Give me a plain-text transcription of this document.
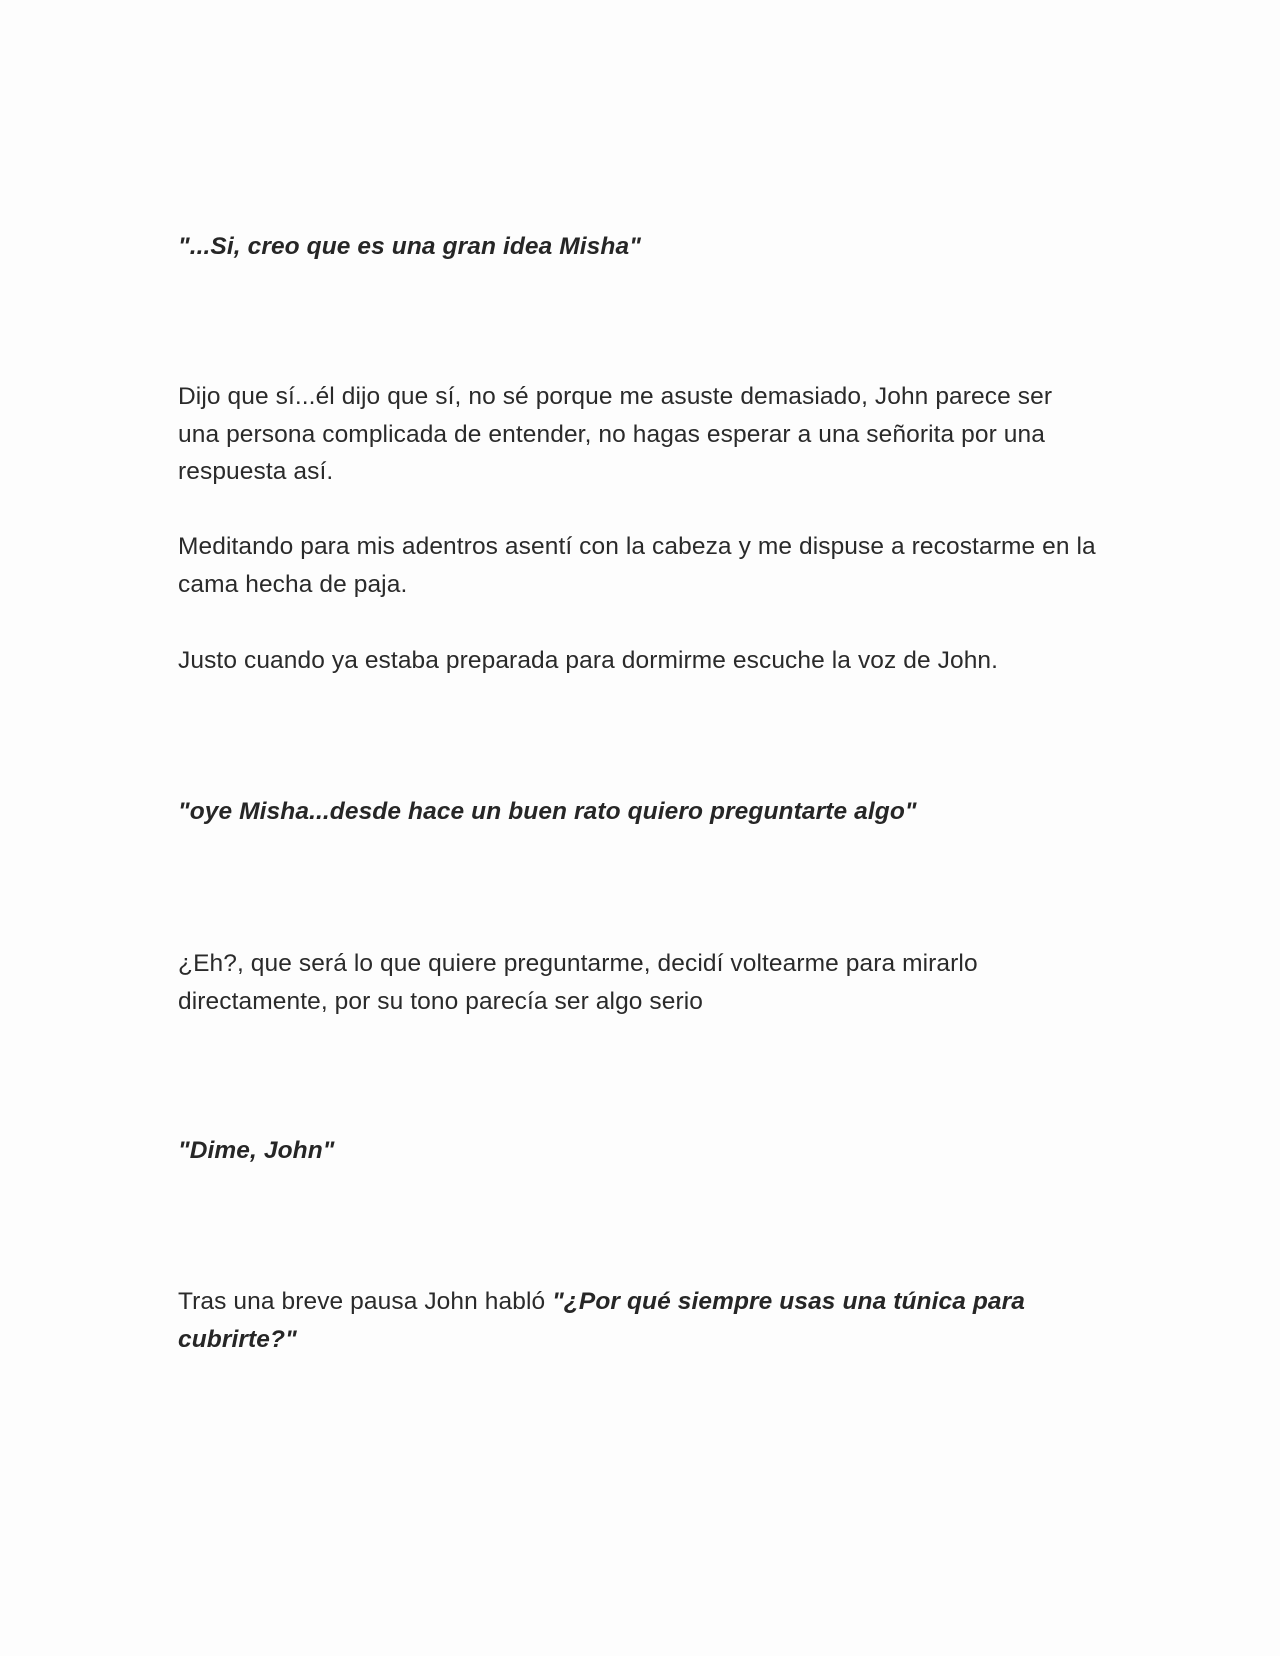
"...Si, creo que es una gran idea Misha"

Dijo que sí...él dijo que sí, no sé porque me asuste demasiado, John parece ser una persona complicada de entender, no hagas esperar a una señorita por una respuesta así.

Meditando para mis adentros asentí con la cabeza y me dispuse a recostarme en la cama hecha de paja.

Justo cuando ya estaba preparada para dormirme escuche la voz de John.

"oye Misha...desde hace un buen rato quiero preguntarte algo"

¿Eh?, que será lo que quiere preguntarme, decidí voltearme para mirarlo directamente, por su tono parecía ser algo serio

"Dime, John"

Tras una breve pausa John habló "¿Por qué siempre usas una túnica para cubrirte?"
